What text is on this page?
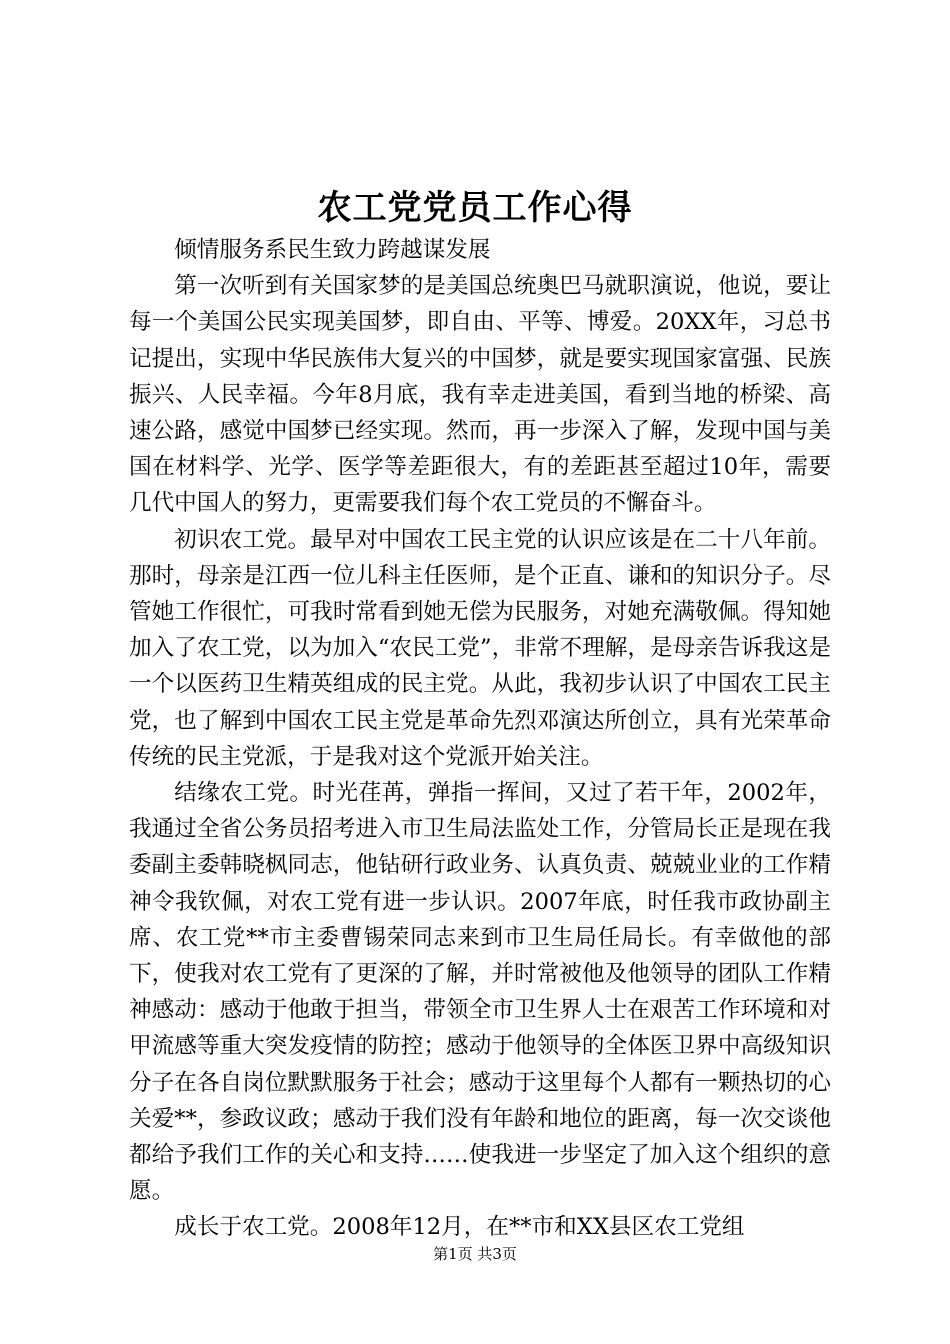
农工党党员工作心得

倾情服务系民生致力跨越谋发展

第一次听到有关国家梦的是美国总统奥巴马就职演说，他说，要让每一个美国公民实现美国梦，即自由、平等、博爱。20XX年，习总书记提出，实现中华民族伟大复兴的中国梦，就是要实现国家富强、民族振兴、人民幸福。今年8月底，我有幸走进美国，看到当地的桥梁、高速公路，感觉中国梦已经实现。然而，再一步深入了解，发现中国与美国在材料学、光学、医学等差距很大，有的差距甚至超过10年，需要几代中国人的努力，更需要我们每个农工党员的不懈奋斗。

初识农工党。最早对中国农工民主党的认识应该是在二十八年前。那时，母亲是江西一位儿科主任医师，是个正直、谦和的知识分子。尽管她工作很忙，可我时常看到她无偿为民服务，对她充满敬佩。得知她加入了农工党，以为加入“农民工党”，非常不理解，是母亲告诉我这是一个以医药卫生精英组成的民主党。从此，我初步认识了中国农工民主党，也了解到中国农工民主党是革命先烈邓演达所创立，具有光荣革命传统的民主党派，于是我对这个党派开始关注。

结缘农工党。时光荏苒，弹指一挥间，又过了若干年，2002年，我通过全省公务员招考进入市卫生局法监处工作，分管局长正是现在我委副主委韩晓枫同志，他钻研行政业务、认真负责、兢兢业业的工作精神令我钦佩，对农工党有进一步认识。2007年底，时任我市政协副主席、农工党**市主委曹锡荣同志来到市卫生局任局长。有幸做他的部下，使我对农工党有了更深的了解，并时常被他及他领导的团队工作精神感动：感动于他敢于担当，带领全市卫生界人士在艰苦工作环境和对甲流感等重大突发疫情的防控；感动于他领导的全体医卫界中高级知识分子在各自岗位默默服务于社会；感动于这里每个人都有一颗热切的心关爱**，参政议政；感动于我们没有年龄和地位的距离，每一次交谈他都给予我们工作的关心和支持……使我进一步坚定了加入这个组织的意愿。

成长于农工党。2008年12月，在**市和XX县区农工党组

第1页 共3页
